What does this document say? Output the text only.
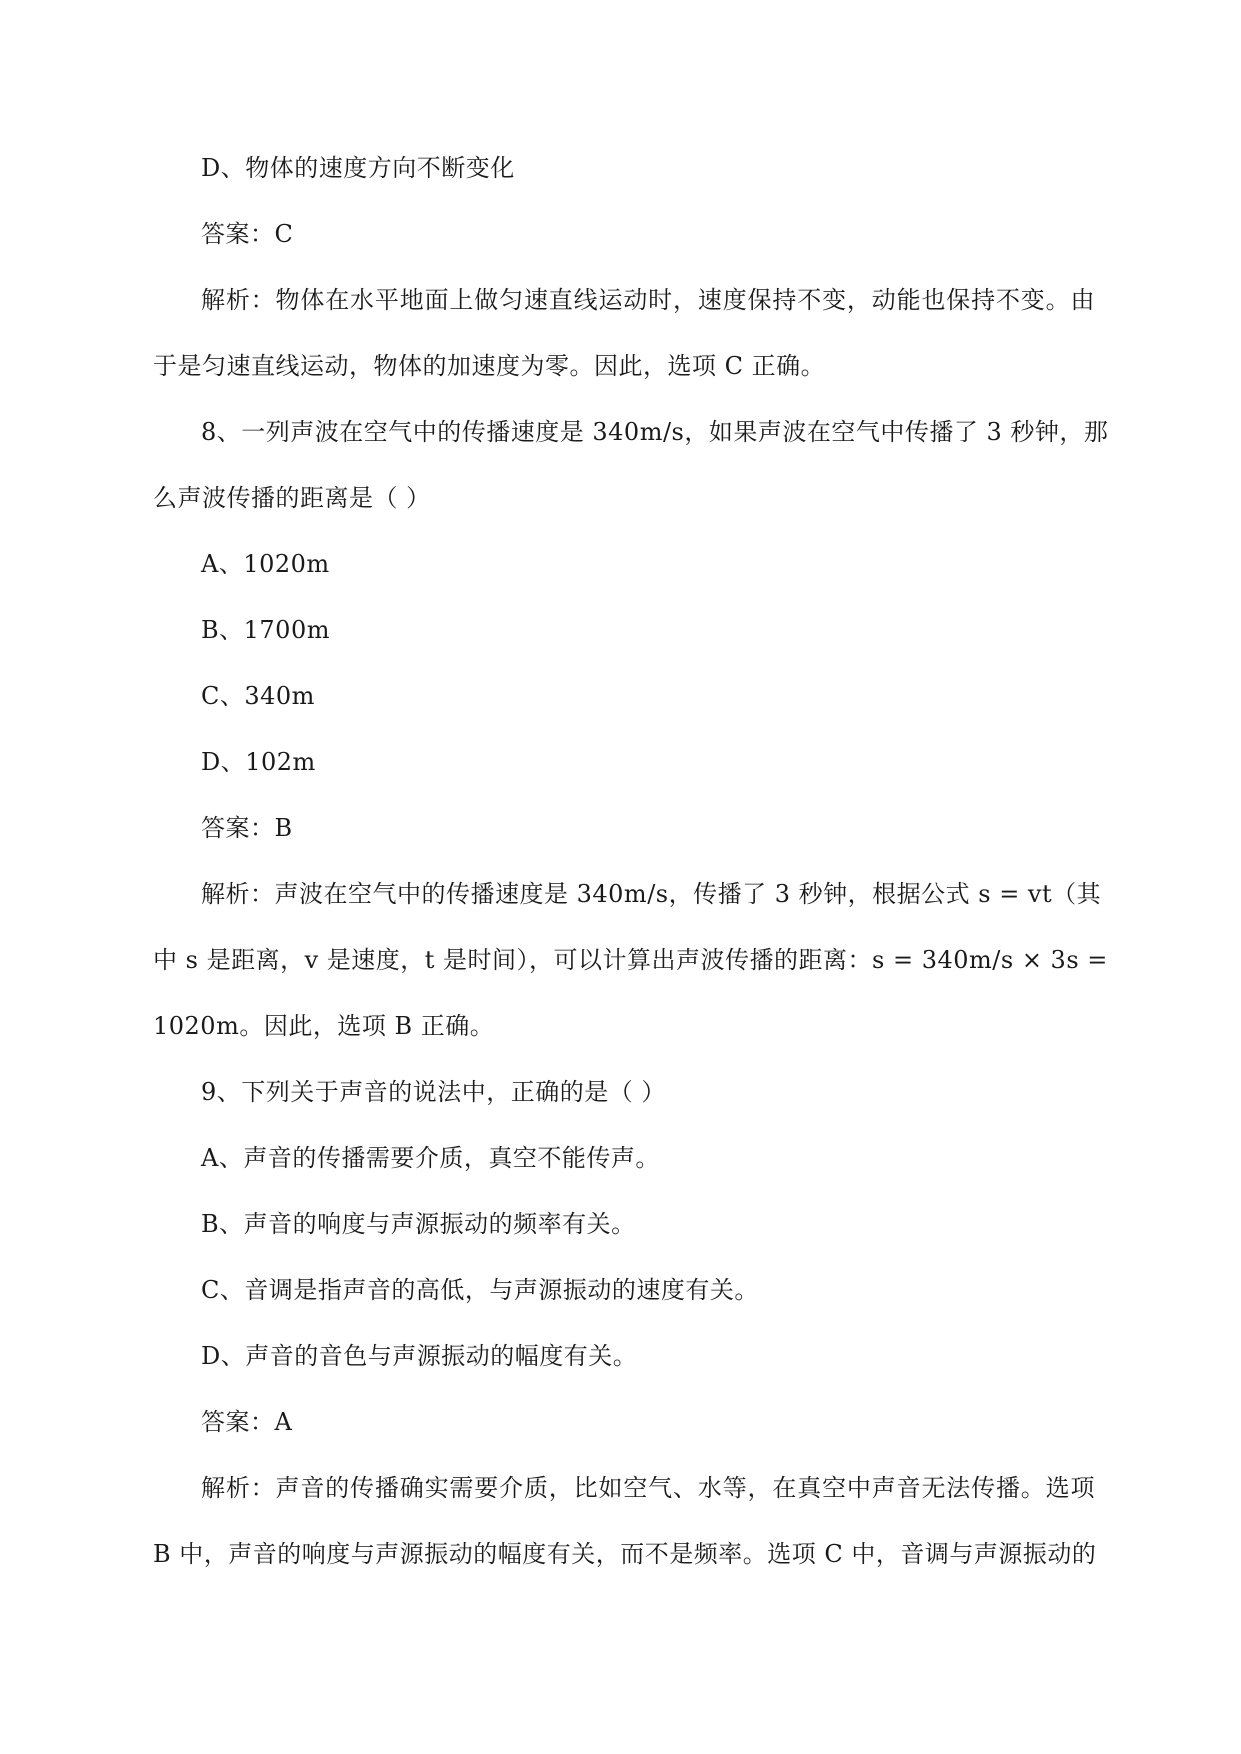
D、物体的速度方向不断变化
答案：C
解析：物体在水平地面上做匀速直线运动时，速度保持不变，动能也保持不变。由
于是匀速直线运动，物体的加速度为零。因此，选项 C 正确。
8、一列声波在空气中的传播速度是 340m/s，如果声波在空气中传播了 3 秒钟，那
么声波传播的距离是（ ）
A、1020m
B、1700m
C、340m
D、102m
答案：B
解析：声波在空气中的传播速度是 340m/s，传播了 3 秒钟，根据公式 s = vt（其
中 s 是距离，v 是速度，t 是时间），可以计算出声波传播的距离：s = 340m/s × 3s =
1020m。因此，选项 B 正确。
9、下列关于声音的说法中，正确的是（ ）
A、声音的传播需要介质，真空不能传声。
B、声音的响度与声源振动的频率有关。
C、音调是指声音的高低，与声源振动的速度有关。
D、声音的音色与声源振动的幅度有关。
答案：A
解析：声音的传播确实需要介质，比如空气、水等，在真空中声音无法传播。选项
B 中，声音的响度与声源振动的幅度有关，而不是频率。选项 C 中，音调与声源振动的
